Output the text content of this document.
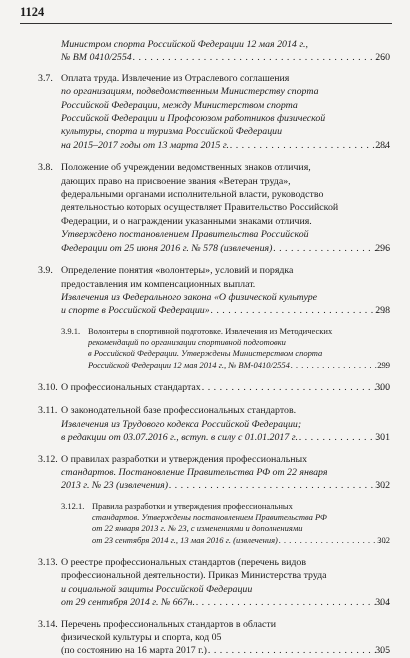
1124
Министром спорта Российской Федерации 12 мая 2014 г.,
№ ВМ 0410/2554 . . .	260
3.7. Оплата труда. Извлечение из Отраслевого соглашения
по организациям, подведомственным Министерству спорта
Российской Федерации, между Министерством спорта
Российской Федерации и Профсоюзом работников физической
культуры, спорта и туризма Российской Федерации
на 2015–2017 годы от 13 марта 2015 г. . . .	284
3.8. Положение об учреждении ведомственных знаков отличия,
дающих право на присвоение звания «Ветеран труда»,
федеральными органами исполнительной власти, руководство
деятельностью которых осуществляет Правительство Российской
Федерации, и о награждении указанными знаками отличия.
Утверждено постановлением Правительства Российской
Федерации от 25 июня 2016 г. № 578 (извлечения) . . .	296
3.9. Определение понятия «волонтеры», условий и порядка
предоставления им компенсационных выплат.
Извлечения из Федерального закона «О физической культуре
и спорте в Российской Федерации» . . .	298
3.9.1. Волонтеры в спортивной подготовке. Извлечения из Методических
рекомендаций по организации спортивной подготовки
в Российской Федерации. Утверждены Министерством спорта
Российской Федерации 12 мая 2014 г., № ВМ-0410/2554 . . .	299
3.10. О профессиональных стандартах . . .	300
3.11. О законодательной базе профессиональных стандартов.
Извлечения из Трудового кодекса Российской Федерации;
в редакции от 03.07.2016 г., вступ. в силу с 01.01.2017 г. . . .	301
3.12. О правилах разработки и утверждения профессиональных
стандартов. Постановление Правительства РФ от 22 января
2013 г. № 23 (извлечения) . . .	302
3.12.1. Правила разработки и утверждения профессиональных
стандартов. Утверждены постановлением Правительства РФ
от 22 января 2013 г. № 23, с изменениями и дополнениями
от 23 сентября 2014 г., 13 мая 2016 г. (извлечения) . . .	302
3.13. О реестре профессиональных стандартов (перечень видов
профессиональной деятельности). Приказ Министерства труда
и социальной защиты Российской Федерации
от 29 сентября 2014 г. № 667н. . . .	304
3.14. Перечень профессиональных стандартов в области
физической культуры и спорта, код 05
(по состоянию на 16 марта 2017 г.) . . .	305
